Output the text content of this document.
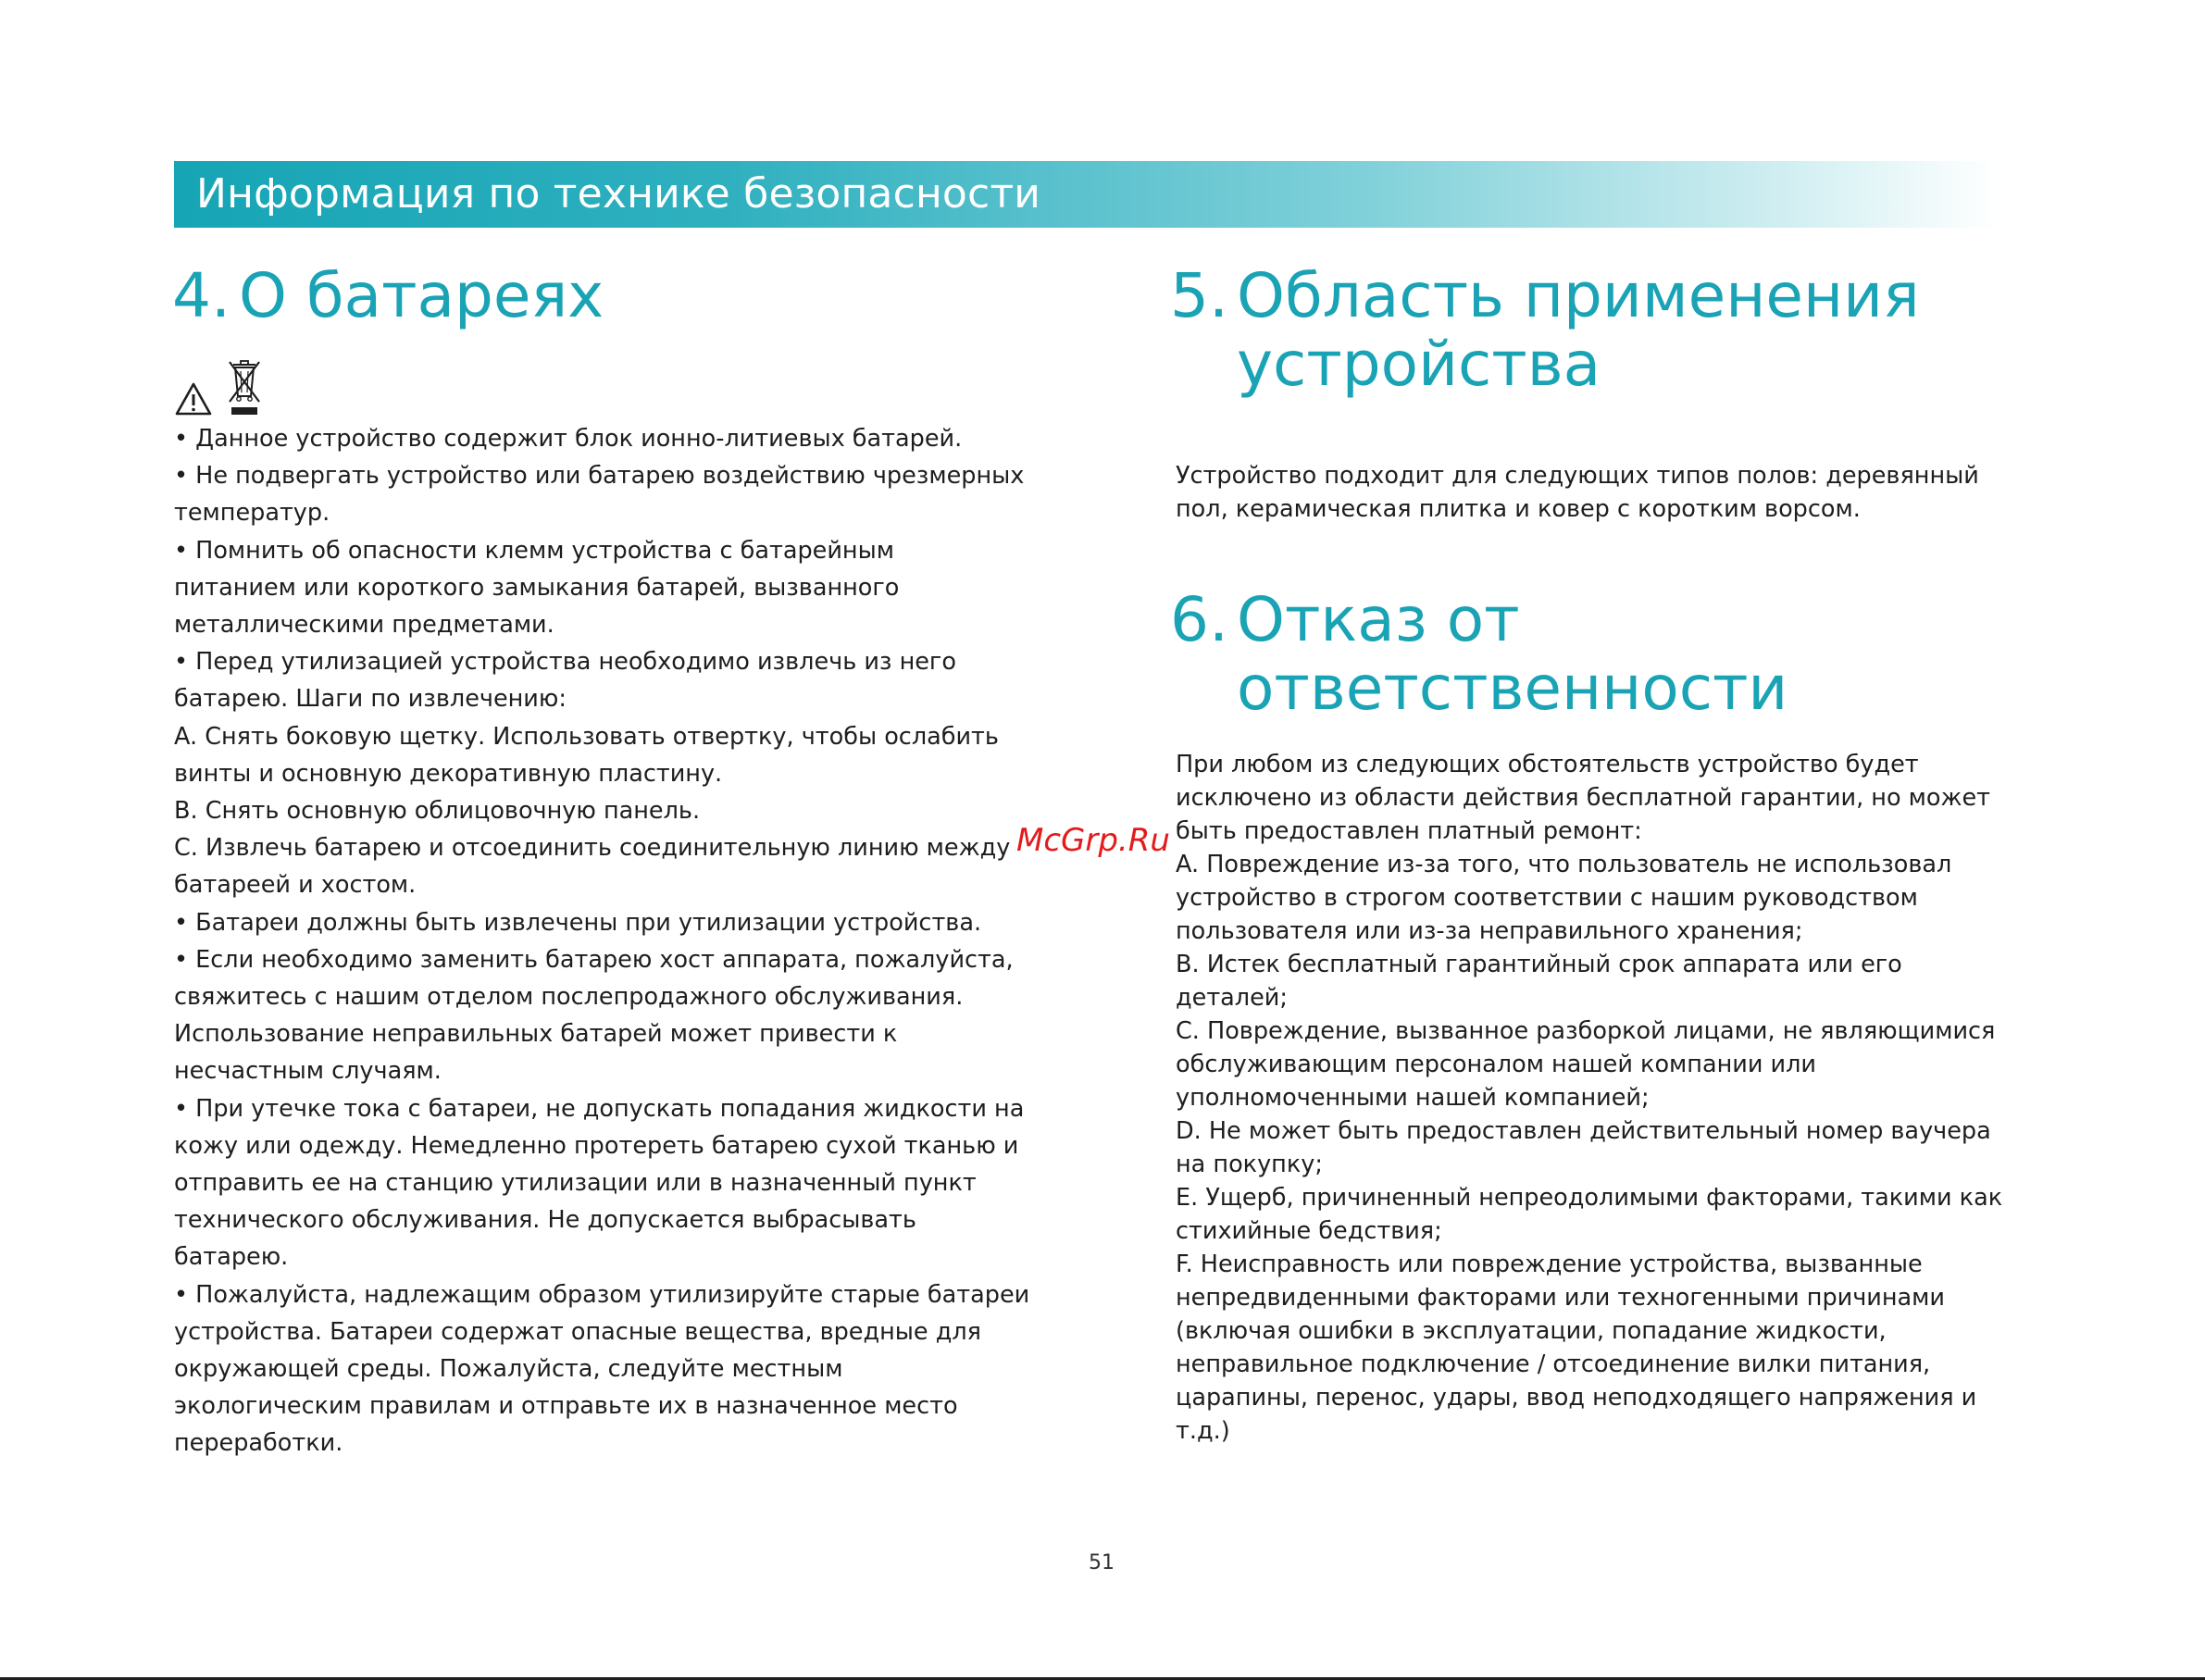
Информация по технике безопасности
4. О батареях
• Данное устройство содержит блок ионно-литиевых батарей.
• Не подвергать устройство или батарею воздействию чрезмерных
температур.
• Помнить об опасности клемм устройства с батарейным
питанием или короткого замыкания батарей, вызванного
металлическими предметами.
• Перед утилизацией устройства необходимо извлечь из него
батарею. Шаги по извлечению:
A. Снять боковую щетку. Использовать отвертку, чтобы ослабить
винты и основную декоративную пластину.
B. Снять основную облицовочную панель.
C. Извлечь батарею и отсоединить соединительную линию между
батареей и хостом.
• Батареи должны быть извлечены при утилизации устройства.
• Если необходимо заменить батарею хост аппарата, пожалуйста,
свяжитесь с нашим отделом послепродажного обслуживания.
Использование неправильных батарей может привести к
несчастным случаям.
• При утечке тока с батареи, не допускать попадания жидкости на
кожу или одежду. Немедленно протереть батарею сухой тканью и
отправить ее на станцию утилизации или в назначенный пункт
технического обслуживания. Не допускается выбрасывать
батарею.
• Пожалуйста, надлежащим образом утилизируйте старые батареи
устройства. Батареи содержат опасные вещества, вредные для
окружающей среды. Пожалуйста, следуйте местным
экологическим правилам и отправьте их в назначенное место
переработки.
5. Область применения
устройства
Устройство подходит для следующих типов полов: деревянный
пол, керамическая плитка и ковер с коротким ворсом.
6. Отказ от
ответственности
При любом из следующих обстоятельств устройство будет
исключено из области действия бесплатной гарантии, но может
быть предоставлен платный ремонт:
A. Повреждение из-за того, что пользователь не использовал
устройство в строгом соответствии с нашим руководством
пользователя или из-за неправильного хранения;
B. Истек бесплатный гарантийный срок аппарата или его
деталей;
C. Повреждение, вызванное разборкой лицами, не являющимися
обслуживающим персоналом нашей компании или
уполномоченными нашей компанией;
D. Не может быть предоставлен действительный номер ваучера
на покупку;
E. Ущерб, причиненный непреодолимыми факторами, такими как
стихийные бедствия;
F. Неисправность или повреждение устройства, вызванные
непредвиденными факторами или техногенными причинами
(включая ошибки в эксплуатации, попадание жидкости,
неправильное подключение / отсоединение вилки питания,
царапины, перенос, удары, ввод неподходящего напряжения и
т.д.)
McGrp.Ru
51
